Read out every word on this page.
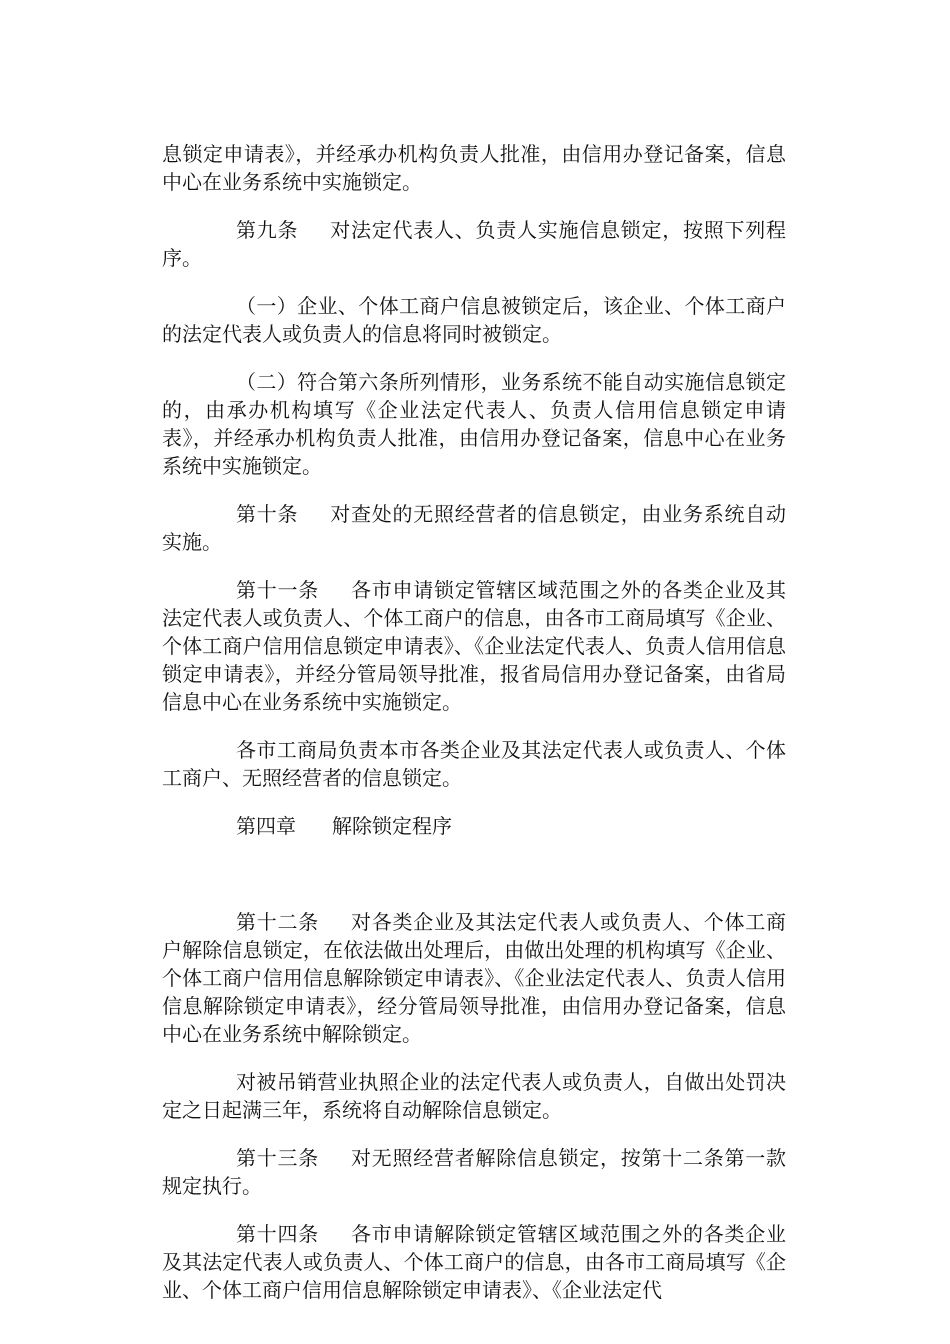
息锁定申请表》，并经承办机构负责人批准，由信用办登记备案，信息中心在业务系统中实施锁定。

第九条 对法定代表人、负责人实施信息锁定，按照下列程序。

（一）企业、个体工商户信息被锁定后，该企业、个体工商户的法定代表人或负责人的信息将同时被锁定。

（二）符合第六条所列情形，业务系统不能自动实施信息锁定的，由承办机构填写《企业法定代表人、负责人信用信息锁定申请表》，并经承办机构负责人批准，由信用办登记备案，信息中心在业务系统中实施锁定。

第十条 对查处的无照经营者的信息锁定，由业务系统自动实施。

第十一条 各市申请锁定管辖区域范围之外的各类企业及其法定代表人或负责人、个体工商户的信息，由各市工商局填写《企业、个体工商户信用信息锁定申请表》、《企业法定代表人、负责人信用信息锁定申请表》，并经分管局领导批准，报省局信用办登记备案，由省局信息中心在业务系统中实施锁定。

各市工商局负责本市各类企业及其法定代表人或负责人、个体工商户、无照经营者的信息锁定。

第四章 解除锁定程序

第十二条 对各类企业及其法定代表人或负责人、个体工商户解除信息锁定，在依法做出处理后，由做出处理的机构填写《企业、个体工商户信用信息解除锁定申请表》、《企业法定代表人、负责人信用信息解除锁定申请表》，经分管局领导批准，由信用办登记备案，信息中心在业务系统中解除锁定。

对被吊销营业执照企业的法定代表人或负责人，自做出处罚决定之日起满三年，系统将自动解除信息锁定。

第十三条 对无照经营者解除信息锁定，按第十二条第一款规定执行。

第十四条 各市申请解除锁定管辖区域范围之外的各类企业及其法定代表人或负责人、个体工商户的信息，由各市工商局填写《企业、个体工商户信用信息解除锁定申请表》、《企业法定代
